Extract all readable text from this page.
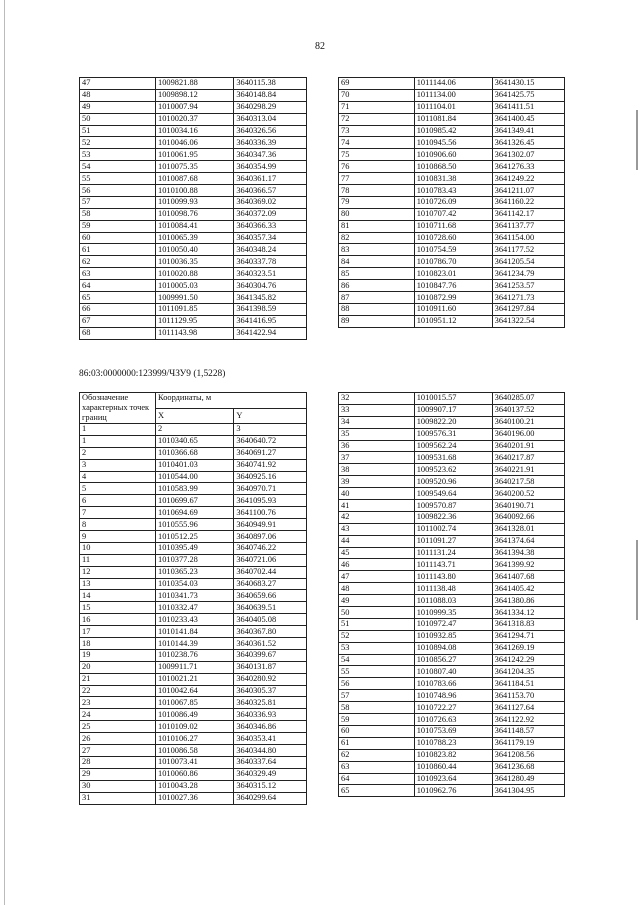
82
47	1009821.88	3640115.38
48	1009898.12	3640148.84
49	1010007.94	3640298.29
50	1010020.37	3640313.04
51	1010034.16	3640326.56
52	1010046.06	3640336.39
53	1010061.95	3640347.36
54	1010075.35	3640354.99
55	1010087.68	3640361.17
56	1010100.88	3640366.57
57	1010099.93	3640369.02
58	1010098.76	3640372.09
59	1010084.41	3640366.33
60	1010065.39	3640357.34
61	1010050.40	3640348.24
62	1010036.35	3640337.78
63	1010020.88	3640323.51
64	1010005.03	3640304.76
65	1009991.50	3641345.82
66	1011091.85	3641398.59
67	1011129.95	3641416.95
68	1011143.98	3641422.94
69	1011144.06	3641430.15
70	1011134.00	3641425.75
71	1011104.01	3641411.51
72	1011081.84	3641400.45
73	1010985.42	3641349.41
74	1010945.56	3641326.45
75	1010906.60	3641302.07
76	1010868.50	3641276.33
77	1010831.38	3641249.22
78	1010783.43	3641211.07
79	1010726.09	3641160.22
80	1010707.42	3641142.17
81	1010711.68	3641137.77
82	1010728.60	3641154.00
83	1010754.59	3641177.52
84	1010786.70	3641205.54
85	1010823.01	3641234.79
86	1010847.76	3641253.57
87	1010872.99	3641271.73
88	1010911.60	3641297.84
89	1010951.12	3641322.54
86:03:0000000:123999/ЧЗУ9 (1,5228)
Обозначение характерных точек границ	Координаты, м	
	X	Y
1	2	3
1	1010340.65	3640640.72
2	1010366.68	3640691.27
3	1010401.03	3640741.92
4	1010544.00	3640925.16
5	1010583.99	3640970.71
6	1010699.67	3641095.93
7	1010694.69	3641100.76
8	1010555.96	3640949.91
9	1010512.25	3640897.06
10	1010395.49	3640746.22
11	1010377.28	3640721.06
12	1010365.23	3640702.44
13	1010354.03	3640683.27
14	1010341.73	3640659.66
15	1010332.47	3640639.51
16	1010233.43	3640405.08
17	1010141.84	3640367.80
18	1010144.39	3640361.52
19	1010238.76	3640399.67
20	1009911.71	3640131.87
21	1010021.21	3640280.92
22	1010042.64	3640305.37
23	1010067.85	3640325.81
24	1010086.49	3640336.93
25	1010109.02	3640346.86
26	1010106.27	3640353.41
27	1010086.58	3640344.80
28	1010073.41	3640337.64
29	1010060.86	3640329.49
30	1010043.28	3640315.12
31	1010027.36	3640299.64
32	1010015.57	3640285.07
33	1009907.17	3640137.52
34	1009822.20	3640100.21
35	1009576.31	3640196.00
36	1009562.24	3640201.91
37	1009531.68	3640217.87
38	1009523.62	3640221.91
39	1009520.96	3640217.58
40	1009549.64	3640200.52
41	1009570.87	3640190.71
42	1009822.36	3640092.66
43	1011002.74	3641328.01
44	1011091.27	3641374.64
45	1011131.24	3641394.38
46	1011143.71	3641399.92
47	1011143.80	3641407.68
48	1011138.48	3641405.42
49	1011088.03	3641380.86
50	1010999.35	3641334.12
51	1010972.47	3641318.83
52	1010932.85	3641294.71
53	1010894.08	3641269.19
54	1010856.27	3641242.29
55	1010807.40	3641204.35
56	1010783.66	3641184.51
57	1010748.96	3641153.70
58	1010722.27	3641127.64
59	1010726.63	3641122.92
60	1010753.69	3641148.57
61	1010788.23	3641179.19
62	1010823.82	3641208.56
63	1010860.44	3641236.68
64	1010923.64	3641280.49
65	1010962.76	3641304.95
